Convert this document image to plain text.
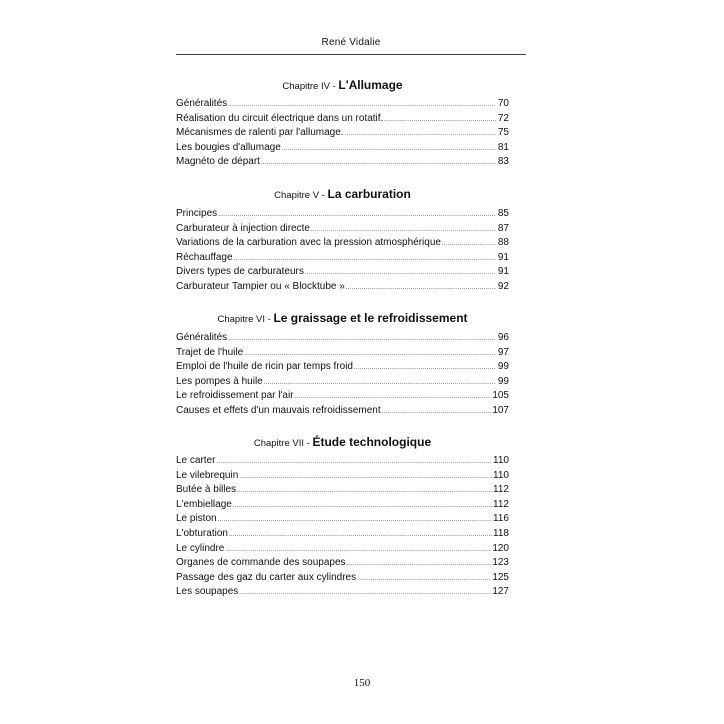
René Vidalie
Chapitre IV - L'Allumage
Généralités .....	70
Réalisation du circuit électrique dans un rotatif. .....	72
Mécanismes de ralenti par l'allumage. .....	75
Les bougies d'allumage .....	81
Magnéto de départ .....	83
Chapitre V - La carburation
Principes .....	85
Carburateur à injection directe .....	87
Variations de la carburation avec la pression atmosphérique .....	88
Réchauffage .....	91
Divers types de carburateurs .....	91
Carburateur Tampier ou « Blocktube » .....	92
Chapitre VI - Le graissage et le refroidissement
Généralités .....	96
Trajet de l'huile .....	97
Emploi de l'huile de ricin par temps froid .....	99
Les pompes à huile .....	99
Le refroidissement par l'air .....	105
Causes et effets d'un mauvais refroidissement .....	107
Chapitre VII - Étude technologique
Le carter .....	110
Le vilebrequin .....	110
Butée à billes .....	112
L'embiellage .....	112
Le piston .....	116
L'obturation .....	118
Le cylindre .....	120
Organes de commande des soupapes .....	123
Passage des gaz du carter aux cylindres .....	125
Les soupapes .....	127
150
